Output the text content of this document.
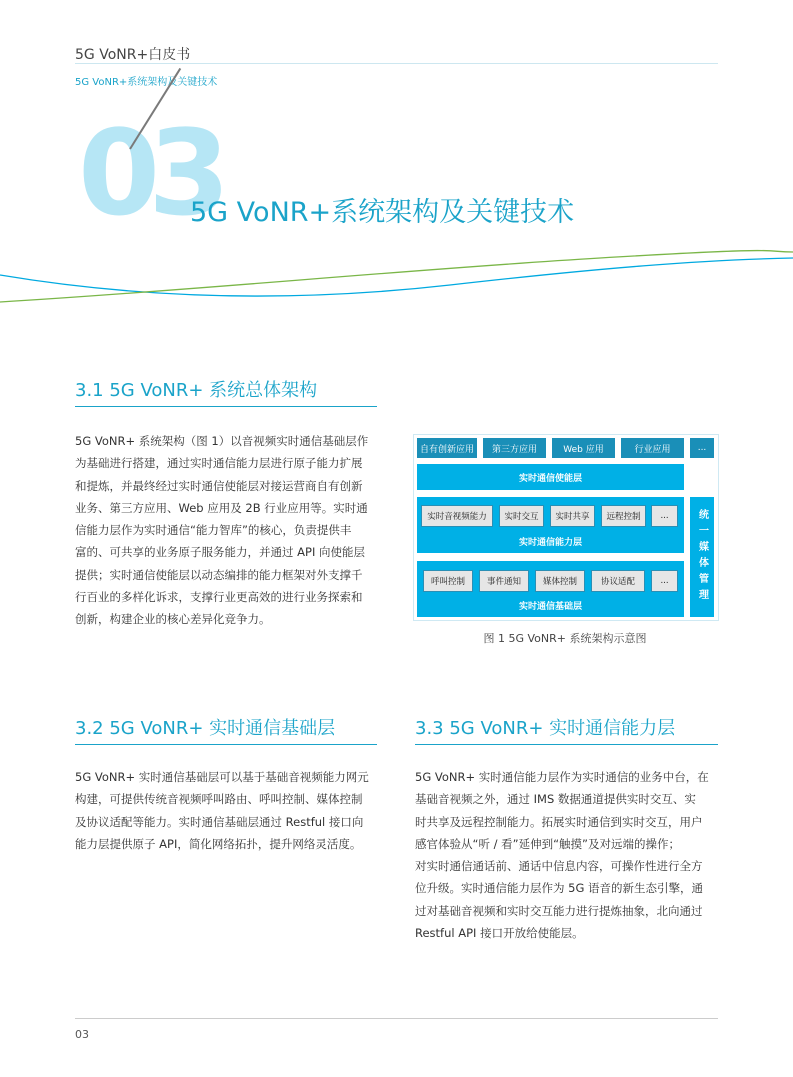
5G VoNR+白皮书
5G VoNR+系统架构及关键技术
03
5G VoNR+系统架构及关键技术
3.1 5G VoNR+ 系统总体架构
5G VoNR+ 系统架构（图 1）以音视频实时通信基础层作
为基础进行搭建，通过实时通信能力层进行原子能力扩展
和提炼，并最终经过实时通信使能层对接运营商自有创新
业务、第三方应用、Web 应用及 2B 行业应用等。实时通
信能力层作为实时通信“能力智库”的核心，负责提供丰
富的、可共享的业务原子服务能力，并通过 API 向使能层
提供；实时通信使能层以动态编排的能力框架对外支撑千
行百业的多样化诉求，支撑行业更高效的进行业务探索和
创新，构建企业的核心差异化竞争力。
自有创新应用	第三方应用	Web 应用	行业应用	...
实时通信使能层
实时通信能力层
实时音视频能力	实时交互	实时共享	远程控制	...
实时通信基础层
呼叫控制	事件通知	媒体控制	协议适配	...	统一媒体管理
图 1 5G VoNR+ 系统架构示意图
3.2 5G VoNR+ 实时通信基础层
5G VoNR+ 实时通信基础层可以基于基础音视频能力网元
构建，可提供传统音视频呼叫路由、呼叫控制、媒体控制
及协议适配等能力。实时通信基础层通过 Restful 接口向
能力层提供原子 API，简化网络拓扑，提升网络灵活度。
3.3 5G VoNR+ 实时通信能力层
5G VoNR+ 实时通信能力层作为实时通信的业务中台，在
基础音视频之外，通过 IMS 数据通道提供实时交互、实
时共享及远程控制能力。拓展实时通信到实时交互，用户
感官体验从“听 / 看”延伸到“触摸”及对远端的操作；
对实时通信通话前、通话中信息内容，可操作性进行全方
位升级。实时通信能力层作为 5G 语音的新生态引擎，通
过对基础音视频和实时交互能力进行提炼抽象，北向通过
Restful API 接口开放给使能层。
03
